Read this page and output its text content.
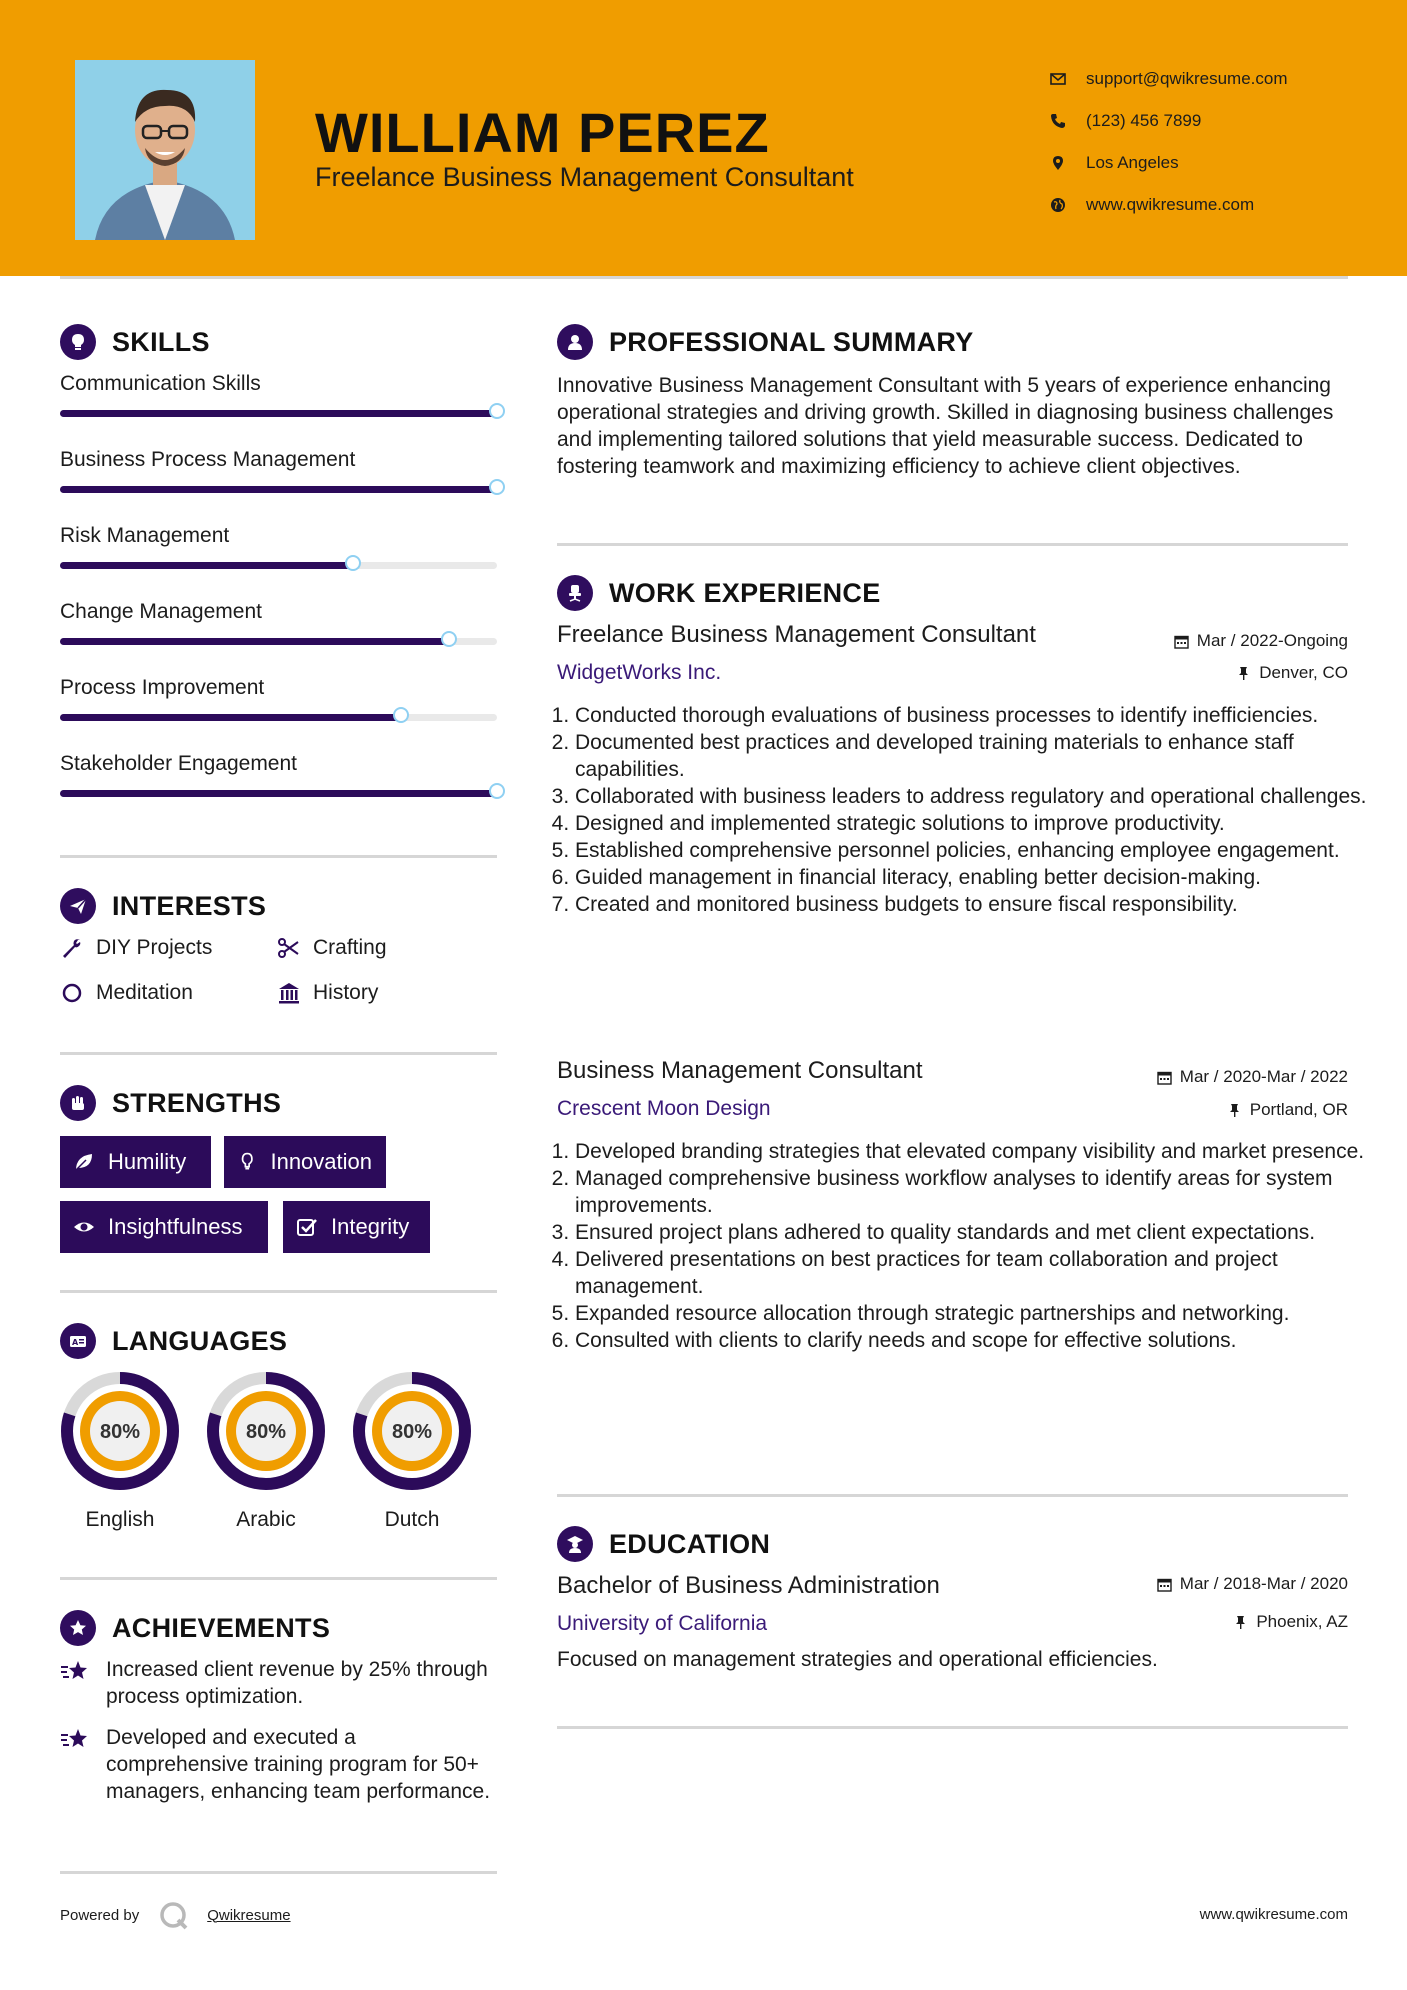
WILLIAM PEREZ
Freelance Business Management Consultant
support@qwikresume.com
(123) 456 7899
Los Angeles
www.qwikresume.com
SKILLS
Communication Skills
Business Process Management
Risk Management
Change Management
Process Improvement
Stakeholder Engagement
INTERESTS
DIY Projects	Crafting
Meditation	History
STRENGTHS
Humility	Innovation
Insightfulness	Integrity
A LANGUAGES
80%
English
80%
Arabic
80%
Dutch
ACHIEVEMENTS
Increased client revenue by 25% through process optimization.
Developed and executed a comprehensive training program for 50+ managers, enhancing team performance.
PROFESSIONAL SUMMARY
Innovative Business Management Consultant with 5 years of experience enhancing operational strategies and driving growth. Skilled in diagnosing business challenges and implementing tailored solutions that yield measurable success. Dedicated to fostering teamwork and maximizing efficiency to achieve client objectives.
WORK EXPERIENCE
Freelance Business Management Consultant	Mar / 2022-Ongoing
WidgetWorks Inc.	Denver, CO
1. Conducted thorough evaluations of business processes to identify inefficiencies.
2. Documented best practices and developed training materials to enhance staff capabilities.
3. Collaborated with business leaders to address regulatory and operational challenges.
4. Designed and implemented strategic solutions to improve productivity.
5. Established comprehensive personnel policies, enhancing employee engagement.
6. Guided management in financial literacy, enabling better decision-making.
7. Created and monitored business budgets to ensure fiscal responsibility.
Business Management Consultant	Mar / 2020-Mar / 2022
Crescent Moon Design	Portland, OR
1. Developed branding strategies that elevated company visibility and market presence.
2. Managed comprehensive business workflow analyses to identify areas for system improvements.
3. Ensured project plans adhered to quality standards and met client expectations.
4. Delivered presentations on best practices for team collaboration and project management.
5. Expanded resource allocation through strategic partnerships and networking.
6. Consulted with clients to clarify needs and scope for effective solutions.
EDUCATION
Bachelor of Business Administration	Mar / 2018-Mar / 2020
University of California	Phoenix, AZ
Focused on management strategies and operational efficiencies.
Powered by	Qwikresume	www.qwikresume.com
